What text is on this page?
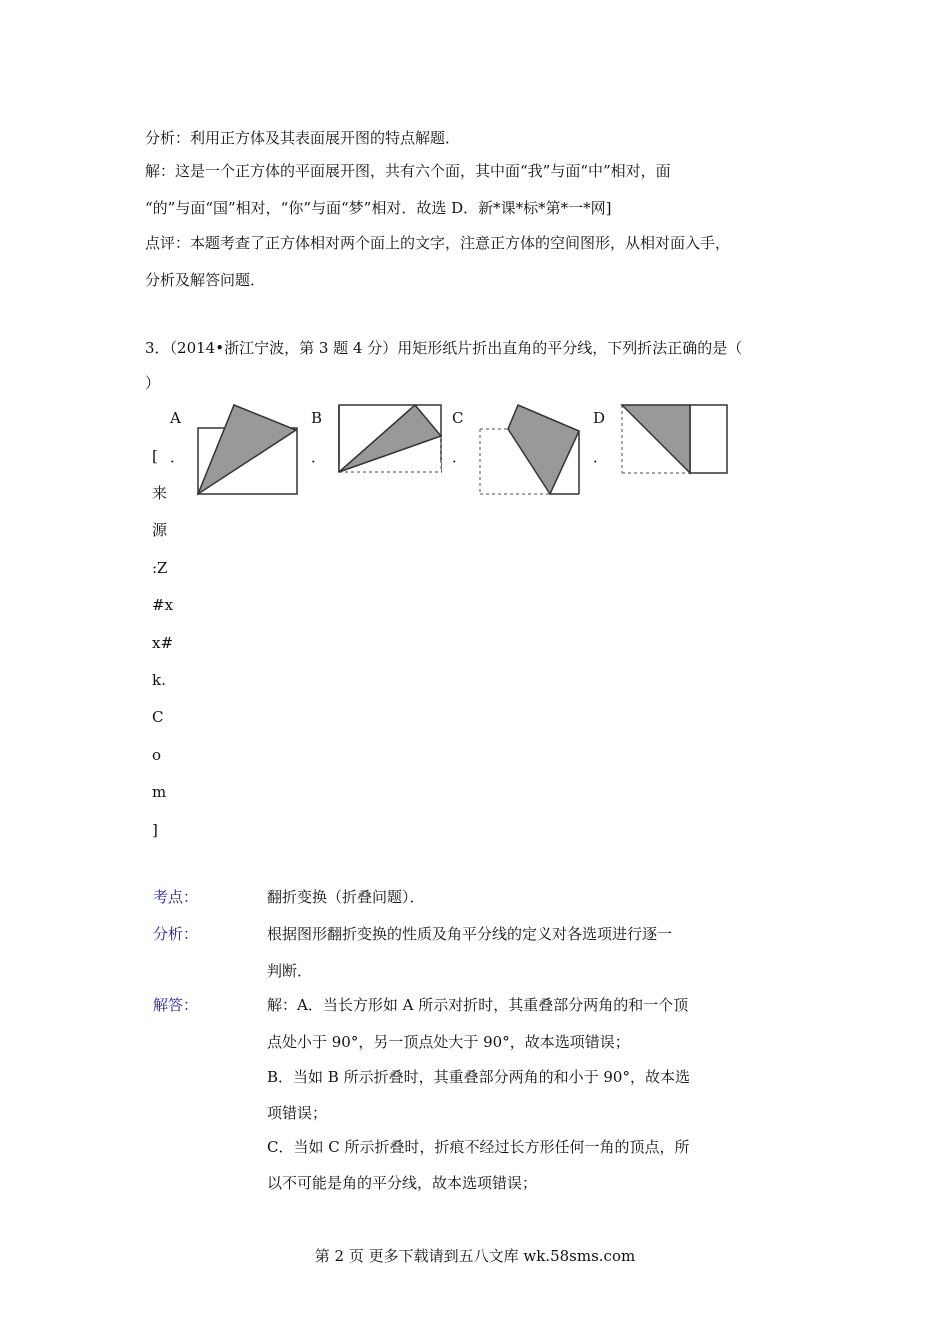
分析：利用正方体及其表面展开图的特点解题．
解：这是一个正方体的平面展开图，共有六个面，其中面“我”与面“中”相对，面
“的”与面“国”相对，“你”与面“梦”相对．故选 D．新*课*标*第*一*网]
点评：本题考查了正方体相对两个面上的文字，注意正方体的空间图形，从相对面入手，
分析及解答问题．
3．（2014•浙江宁波，第 3 题 4 分）用矩形纸片折出直角的平分线，下列折法正确的是（
）
A	B	C	D
．	．	．	．
[
来
源
:Z
#x
x#
k.
C
o
m
]
考点：	翻折变换（折叠问题）．
分析：	根据图形翻折变换的性质及角平分线的定义对各选项进行逐一
判断．
解答：	解：A．当长方形如 A 所示对折时，其重叠部分两角的和一个顶
点处小于 90°，另一顶点处大于 90°，故本选项错误；
B．当如 B 所示折叠时，其重叠部分两角的和小于 90°，故本选
项错误；
C．当如 C 所示折叠时，折痕不经过长方形任何一角的顶点，所
以不可能是角的平分线，故本选项错误；
第 2 页 更多下载请到五八文库 wk.58sms.com
